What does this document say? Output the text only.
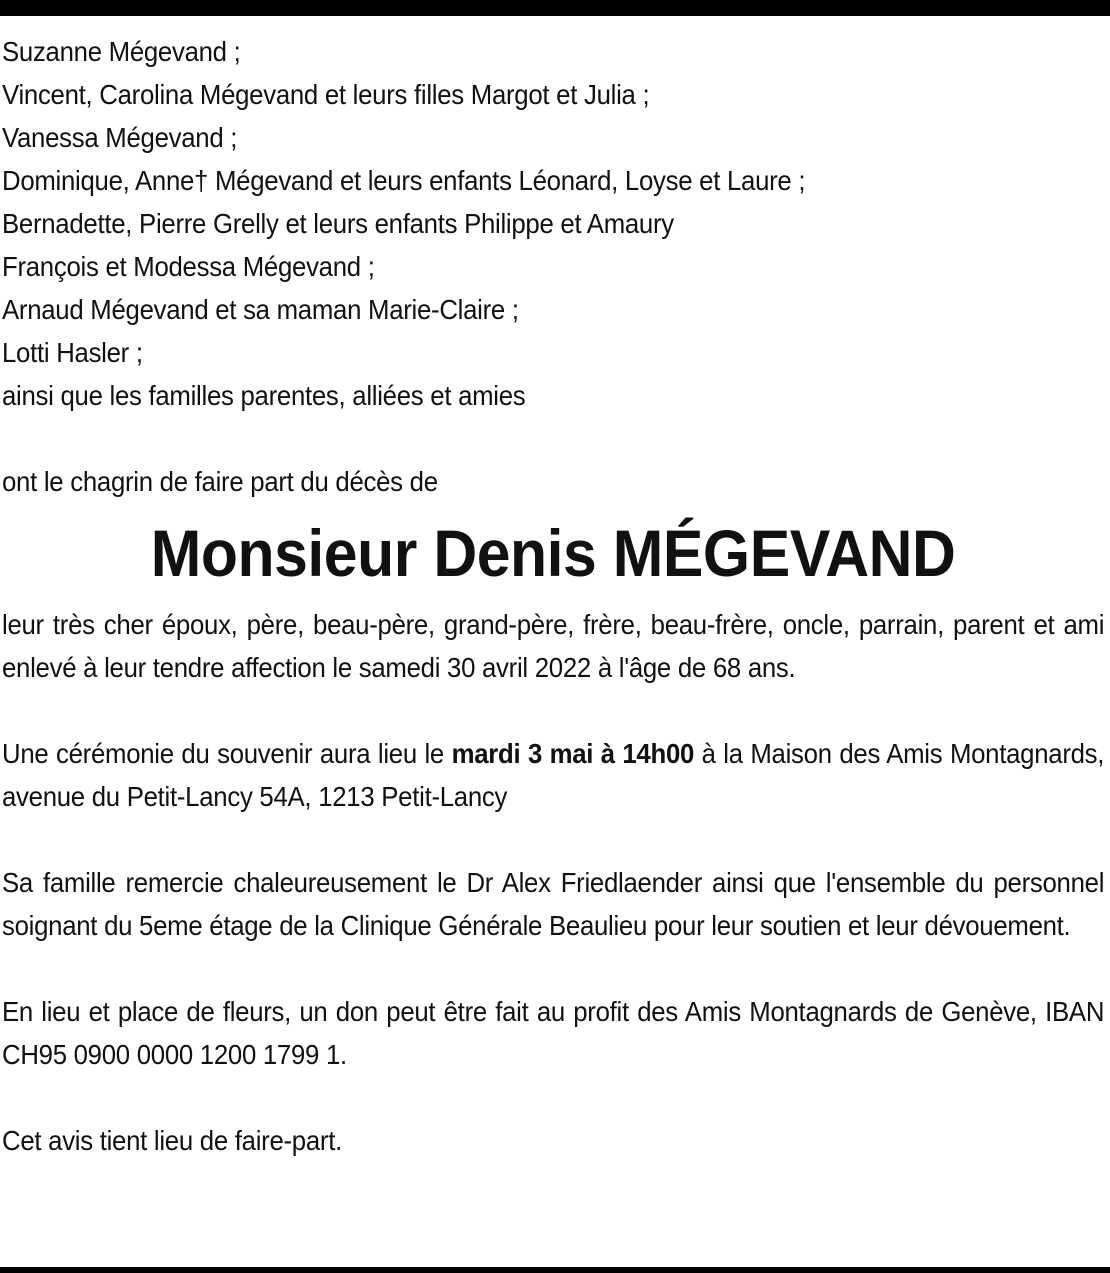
Suzanne Mégevand ;
Vincent, Carolina Mégevand et leurs filles Margot et Julia ;
Vanessa Mégevand ;
Dominique, Anne† Mégevand et leurs enfants Léonard, Loyse et Laure ;
Bernadette, Pierre Grelly et leurs enfants Philippe et Amaury
François et Modessa Mégevand ;
Arnaud Mégevand et sa maman Marie-Claire ;
Lotti Hasler ;
ainsi que les familles parentes, alliées et amies
ont le chagrin de faire part du décès de
Monsieur Denis MÉGEVAND
leur très cher époux, père, beau-père, grand-père, frère, beau-frère, oncle, parrain, parent et ami enlevé à leur tendre affection le samedi 30 avril 2022 à l'âge de 68 ans.
Une cérémonie du souvenir aura lieu le mardi 3 mai à 14h00 à la Maison des Amis Montagnards, avenue du Petit-Lancy 54A, 1213 Petit-Lancy
Sa famille remercie chaleureusement le Dr Alex Friedlaender ainsi que l'ensemble du personnel soignant du 5eme étage de la Clinique Générale Beaulieu pour leur soutien et leur dévouement.
En lieu et place de fleurs, un don peut être fait au profit des Amis Montagnards de Genève, IBAN CH95 0900 0000 1200 1799 1.
Cet avis tient lieu de faire-part.
